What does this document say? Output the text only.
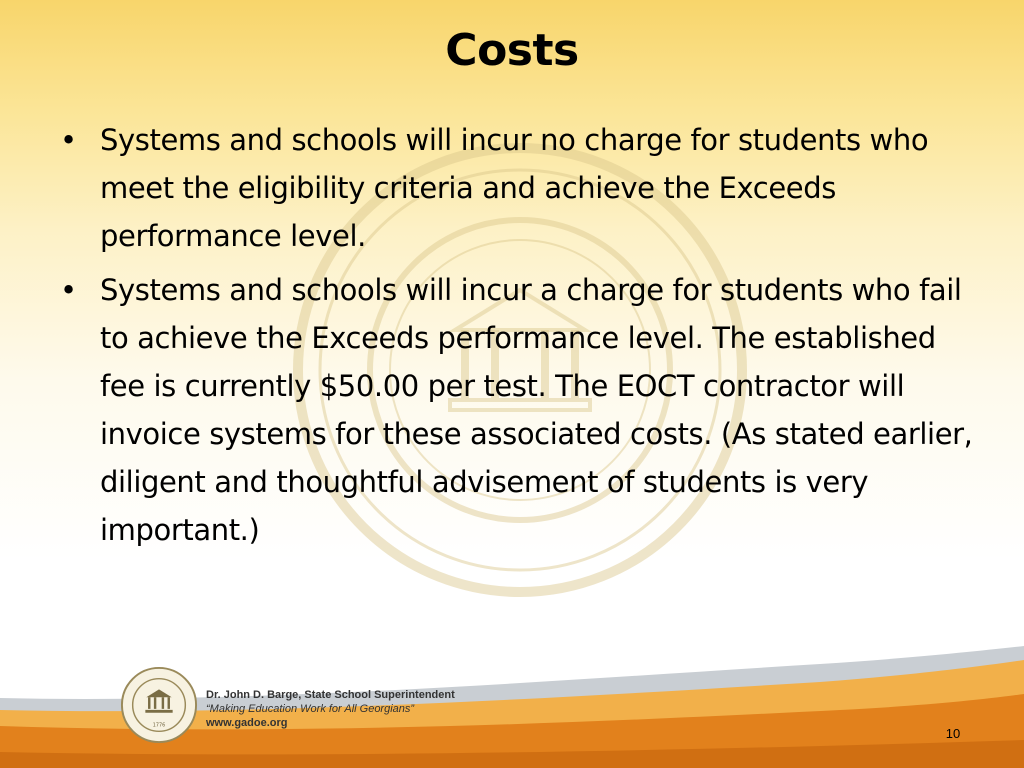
Costs
• Systems and schools will incur no charge for students who meet the eligibility criteria and achieve the Exceeds performance level.
• Systems and schools will incur a charge for students who fail to achieve the Exceeds performance level. The established fee is currently $50.00 per test. The EOCT contractor will invoice systems for these associated costs. (As stated earlier, diligent and thoughtful advisement of students is very important.)
1776
Dr. John D. Barge, State School Superintendent
“Making Education Work for All Georgians”
www.gadoe.org
10
